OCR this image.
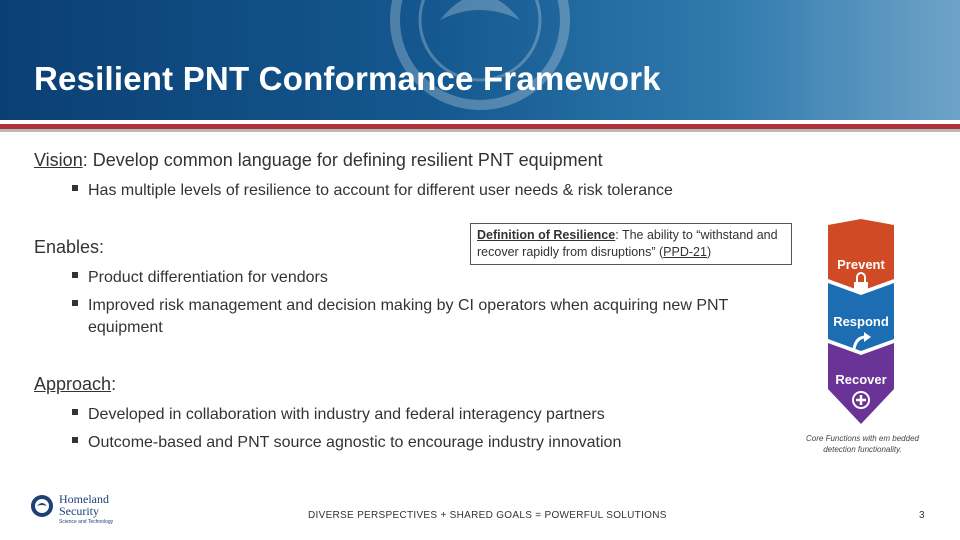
Resilient PNT Conformance Framework
Vision: Develop common language for defining resilient PNT equipment
Has multiple levels of resilience to account for different user needs & risk tolerance
Enables:
Definition of Resilience: The ability to “withstand and recover rapidly from disruptions” (PPD-21)
Product differentiation for vendors
Improved risk management and decision making by CI operators when acquiring new PNT equipment
Approach:
Developed in collaboration with industry and federal interagency partners
Outcome-based and PNT source agnostic to encourage industry innovation
Prevent
Respond
Recover
Core Functions with em bedded detection functionality.
Homeland
Security
Science and Technology
DIVERSE PERSPECTIVES + SHARED GOALS = POWERFUL SOLUTIONS	3
